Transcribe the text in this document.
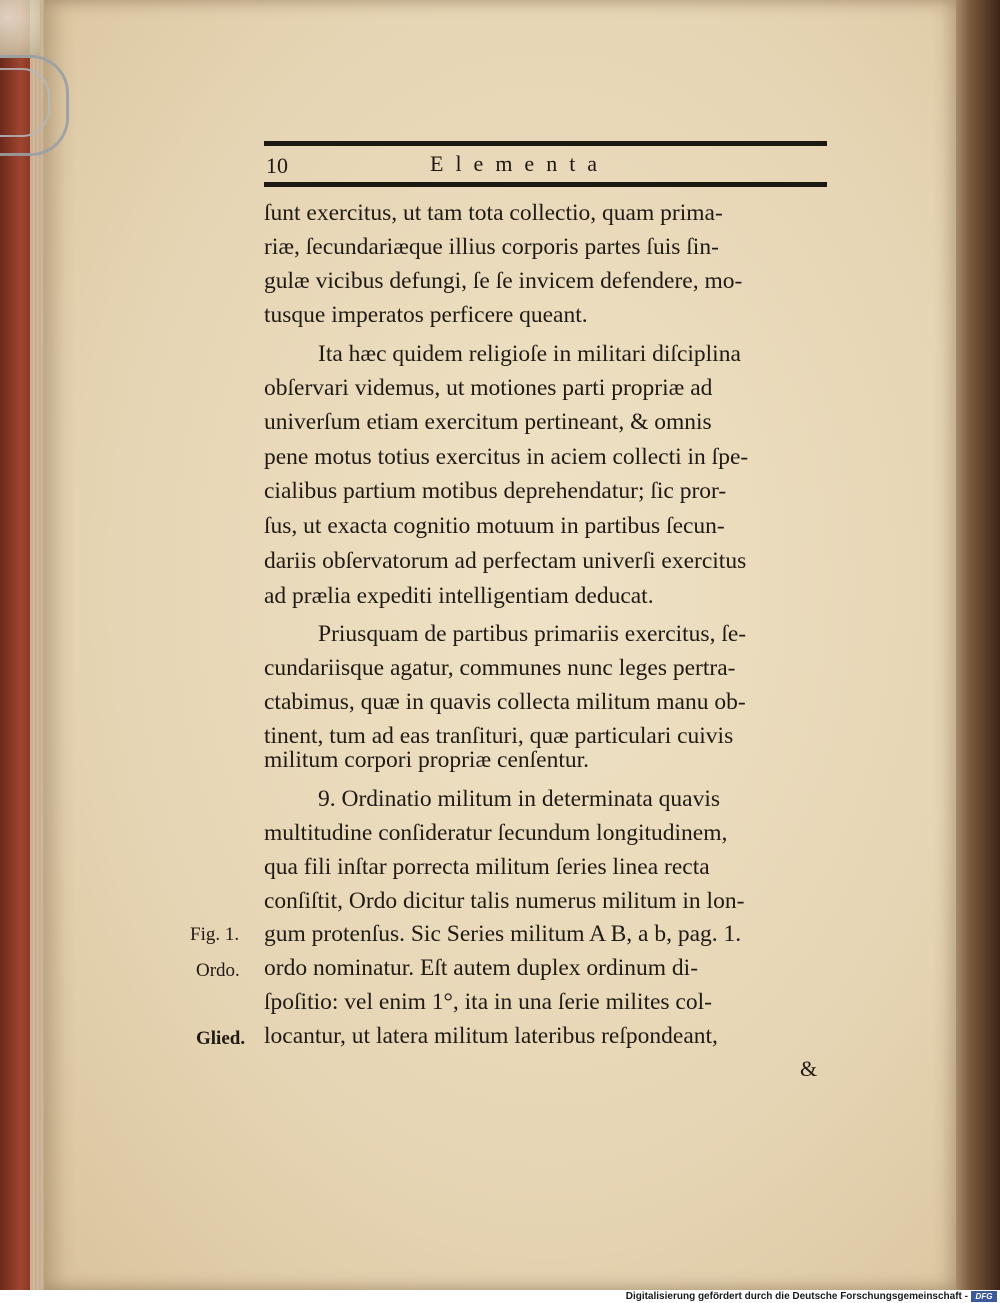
10	Elementa
ſunt exercitus, ut tam tota collectio, quam prima-
riæ, ſecundariæque illius corporis partes ſuis ſin-
gulæ vicibus defungi, ſe ſe invicem defendere, mo-
tusque imperatos perficere queant.
Ita hæc quidem religioſe in militari diſciplina
obſervari videmus, ut motiones parti propriæ ad
univerſum etiam exercitum pertineant, & omnis
pene motus totius exercitus in aciem collecti in ſpe-
cialibus partium motibus deprehendatur; ſic pror-
ſus, ut exacta cognitio motuum in partibus ſecun-
dariis obſervatorum ad perfectam univerſi exercitus
ad prælia expediti intelligentiam deducat.
Priusquam de partibus primariis exercitus, ſe-
cundariisque agatur, communes nunc leges pertra-
ctabimus, quæ in quavis collecta militum manu ob-
tinent, tum ad eas tranſituri, quæ particulari cuivis
militum corpori propriæ cenſentur.
9. Ordinatio militum in determinata quavis
multitudine conſideratur ſecundum longitudinem,
qua fili inſtar porrecta militum ſeries linea recta
conſiſtit, Ordo dicitur talis numerus militum in lon-
gum protenſus. Sic Series militum A B, a b, pag. 1.
ordo nominatur. Eſt autem duplex ordinum di-
ſpoſitio: vel enim 1°, ita in una ſerie milites col-
locantur, ut latera militum lateribus reſpondeant,
Fig. 1.
Ordo.
Glied.
&
Digitalisierung gefördert durch die Deutsche Forschungsgemeinschaft - DFG
